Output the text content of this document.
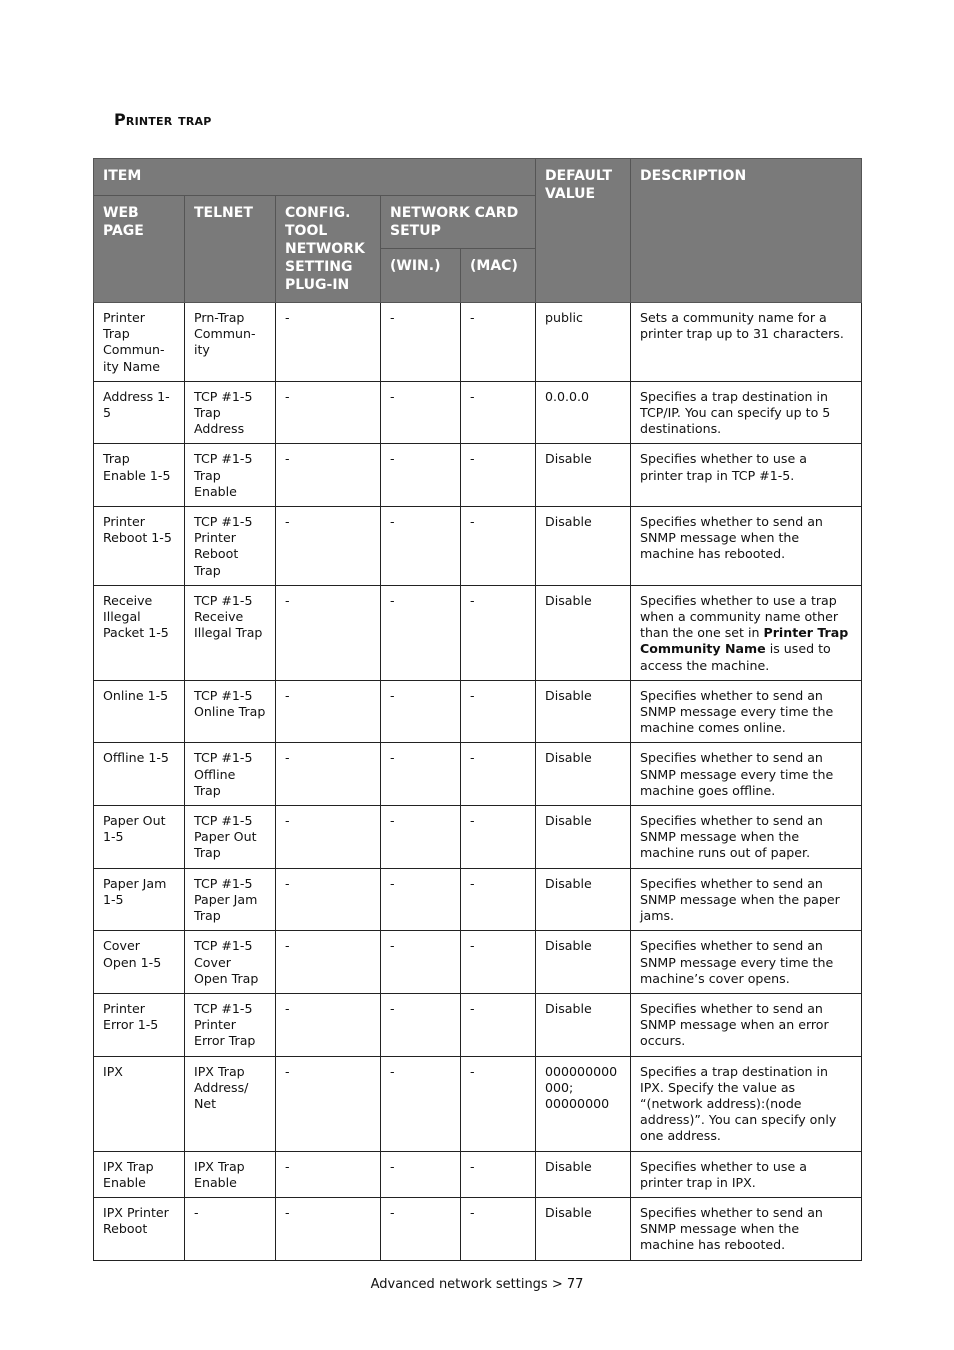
Printer trap
ITEM					DEFAULT VALUE	DESCRIPTION
WEB PAGE	TELNET	CONFIG. TOOL NETWORK SETTING PLUG-IN	NETWORK CARD SETUP			
			(WIN.)	(MAC)		
Printer Trap Commun-ity Name	Prn-Trap Commun-ity	-	-	-	public	Sets a community name for a printer trap up to 31 characters.
Address 1-5	TCP #1-5 Trap Address	-	-	-	0.0.0.0	Specifies a trap destination in TCP/IP. You can specify up to 5 destinations.
Trap Enable 1-5	TCP #1-5 Trap Enable	-	-	-	Disable	Specifies whether to use a printer trap in TCP #1-5.
Printer Reboot 1-5	TCP #1-5 Printer Reboot Trap	-	-	-	Disable	Specifies whether to send an SNMP message when the machine has rebooted.
Receive Illegal Packet 1-5	TCP #1-5 Receive Illegal Trap	-	-	-	Disable	Specifies whether to use a trap when a community name other than the one set in Printer Trap Community Name is used to access the machine.
Online 1-5	TCP #1-5 Online Trap	-	-	-	Disable	Specifies whether to send an SNMP message every time the machine comes online.
Offline 1-5	TCP #1-5 Offline Trap	-	-	-	Disable	Specifies whether to send an SNMP message every time the machine goes offline.
Paper Out 1-5	TCP #1-5 Paper Out Trap	-	-	-	Disable	Specifies whether to send an SNMP message when the machine runs out of paper.
Paper Jam 1-5	TCP #1-5 Paper Jam Trap	-	-	-	Disable	Specifies whether to send an SNMP message when the paper jams.
Cover Open 1-5	TCP #1-5 Cover Open Trap	-	-	-	Disable	Specifies whether to send an SNMP message every time the machine’s cover opens.
Printer Error 1-5	TCP #1-5 Printer Error Trap	-	-	-	Disable	Specifies whether to send an SNMP message when an error occurs.
IPX	IPX Trap Address/ Net	-	-	-	000000000 000; 00000000	Specifies a trap destination in IPX. Specify the value as “(network address):(node address)”. You can specify only one address.
IPX Trap Enable	IPX Trap Enable	-	-	-	Disable	Specifies whether to use a printer trap in IPX.
IPX Printer Reboot	-	-	-	-	Disable	Specifies whether to send an SNMP message when the machine has rebooted.
Advanced network settings > 77
